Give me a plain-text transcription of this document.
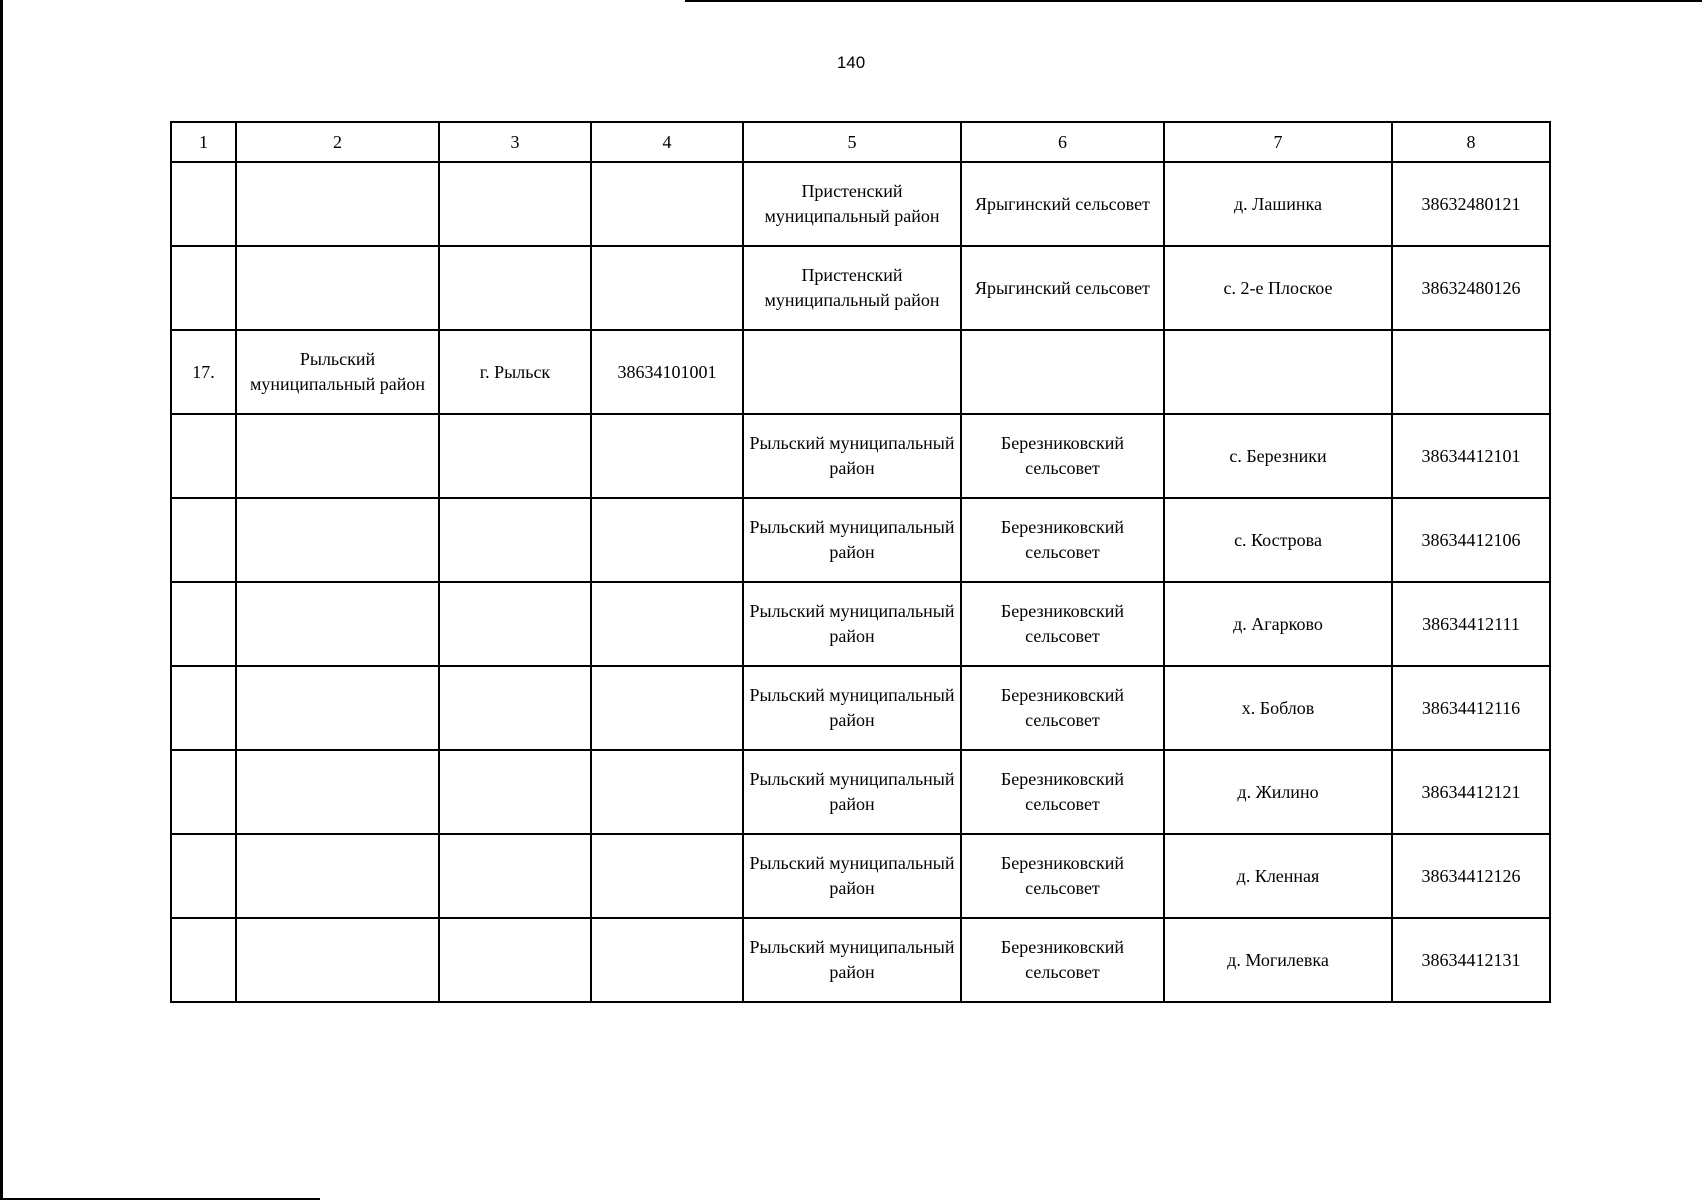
140
1	2	3	4	5	6	7	8
				Пристенский муниципальный район	Ярыгинский сельсовет	д. Лашинка	38632480121
				Пристенский муниципальный район	Ярыгинский сельсовет	с. 2-е Плоское	38632480126
17.	Рыльский муниципальный район	г. Рыльск	38634101001				
				Рыльский муниципальный район	Березниковский сельсовет	с. Березники	38634412101
				Рыльский муниципальный район	Березниковский сельсовет	с. Кострова	38634412106
				Рыльский муниципальный район	Березниковский сельсовет	д. Агарково	38634412111
				Рыльский муниципальный район	Березниковский сельсовет	х. Боблов	38634412116
				Рыльский муниципальный район	Березниковский сельсовет	д. Жилино	38634412121
				Рыльский муниципальный район	Березниковский сельсовет	д. Кленная	38634412126
				Рыльский муниципальный район	Березниковский сельсовет	д. Могилевка	38634412131
